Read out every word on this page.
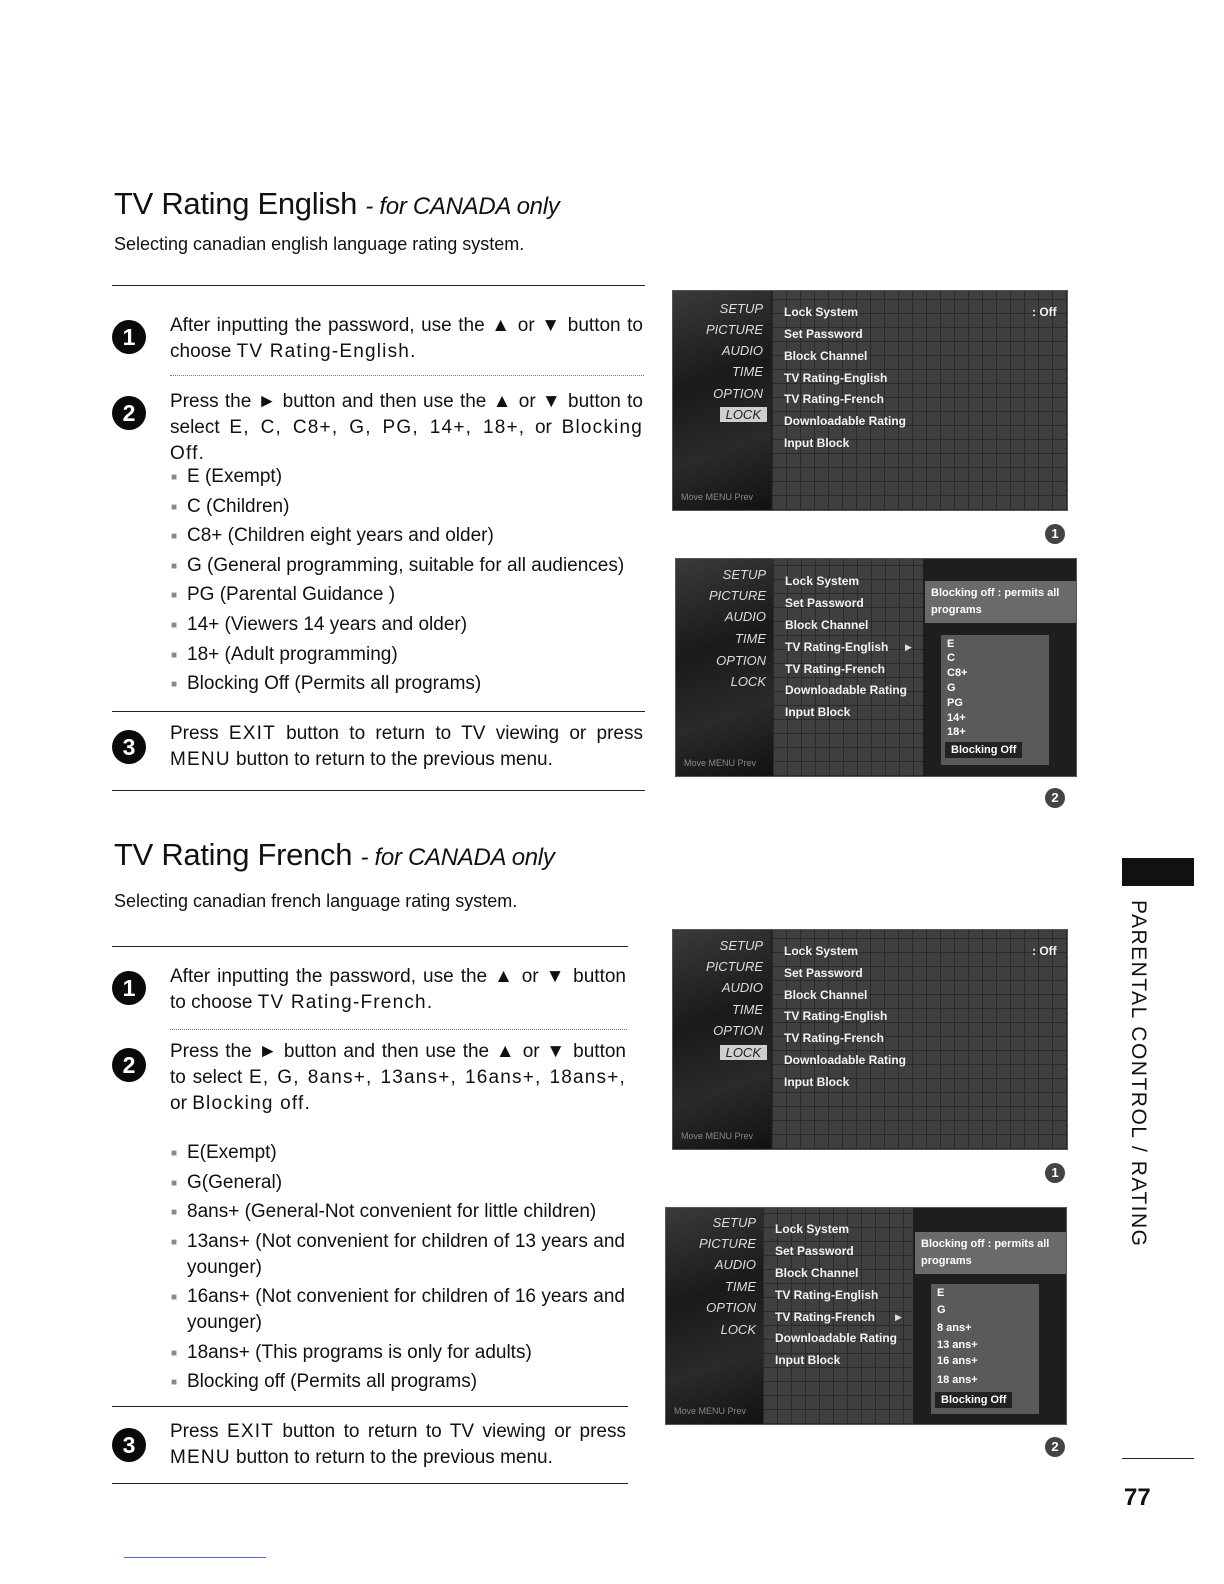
TV Rating English - for CANADA only
Selecting canadian english language rating system.
1	After inputting the password, use the ▲ or ▼ button to choose TV Rating-English.
2	Press the ► button and then use the ▲ or ▼ button to select E, C, C8+, G, PG, 14+, 18+, or Blocking Off.
■ E (Exempt)
■ C (Children)
■ C8+ (Children eight years and older)
■ G (General programming, suitable for all audiences)
■ PG (Parental Guidance )
■ 14+ (Viewers 14 years and older)
■ 18+ (Adult programming)
■ Blocking Off (Permits all programs)
3
Press EXIT button to return to TV viewing or press MENU button to return to the previous menu.
SETUP
PICTURE
AUDIO
TIME
OPTION
LOCK
Move MENU Prev
Lock System	: Off
Set Password
Block Channel
TV Rating-English
TV Rating-French
Downloadable Rating
Input Block
1
SETUP
PICTURE
AUDIO
TIME
OPTION
LOCK
Move MENU Prev
Lock System
Set Password
Block Channel
TV Rating-English ▶
TV Rating-French
Downloadable Rating
Input Block
Blocking off : permits all programs
E
C
C8+
G
PG
14+
18+
Blocking Off
2
TV Rating French - for CANADA only
Selecting canadian french language rating system.
1	After inputting the password, use the ▲ or ▼ button to choose TV Rating-French.
2
Press the ► button and then use the ▲ or ▼ button to select E, G, 8ans+, 13ans+, 16ans+, 18ans+, or Blocking off.
■ E(Exempt)
■ G(General)
■ 8ans+ (General-Not convenient for little children)
■ 13ans+ (Not convenient for children of 13 years and younger)
■ 16ans+ (Not convenient for children of 16 years and younger)
■ 18ans+ (This programs is only for adults)
■ Blocking off (Permits all programs)
3
Press EXIT button to return to TV viewing or press MENU button to return to the previous menu.
SETUP
PICTURE
AUDIO
TIME
OPTION
LOCK
Move MENU Prev
Lock System	: Off
Set Password
Block Channel
TV Rating-English
TV Rating-French
Downloadable Rating
Input Block
1
SETUP
PICTURE
AUDIO
TIME
OPTION
LOCK
Move MENU Prev
Lock System
Set Password
Block Channel
TV Rating-English
TV Rating-French ▶
Downloadable Rating
Input Block
Blocking off : permits all programs
E
G
8 ans+
13 ans+
16 ans+
18 ans+
Blocking Off
2
PARENTAL CONTROL / RATING
77
